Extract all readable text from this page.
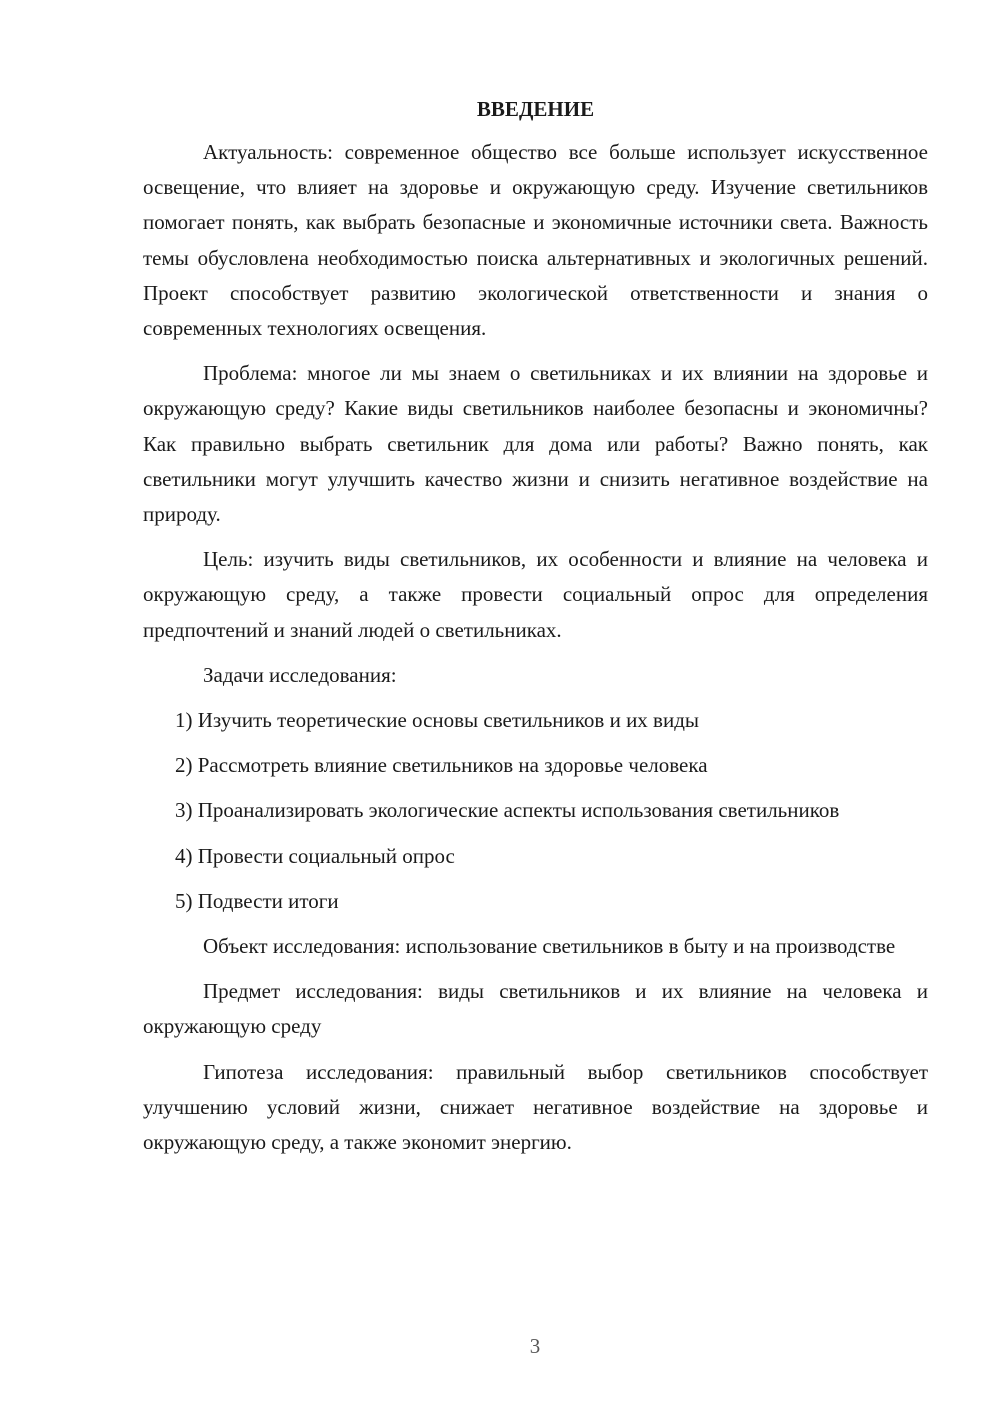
ВВЕДЕНИЕ

Актуальность: современное общество все больше использует искусственное освещение, что влияет на здоровье и окружающую среду. Изучение светильников помогает понять, как выбрать безопасные и экономичные источники света. Важность темы обусловлена необходимостью поиска альтернативных и экологичных решений. Проект способствует развитию экологической ответственности и знания о современных технологиях освещения.

Проблема: многое ли мы знаем о светильниках и их влиянии на здоровье и окружающую среду? Какие виды светильников наиболее безопасны и экономичны? Как правильно выбрать светильник для дома или работы? Важно понять, как светильники могут улучшить качество жизни и снизить негативное воздействие на природу.

Цель: изучить виды светильников, их особенности и влияние на человека и окружающую среду, а также провести социальный опрос для определения предпочтений и знаний людей о светильниках.

Задачи исследования:

1) Изучить теоретические основы светильников и их виды

2) Рассмотреть влияние светильников на здоровье человека

3) Проанализировать экологические аспекты использования светильников

4) Провести социальный опрос

5) Подвести итоги

Объект исследования: использование светильников в быту и на производстве

Предмет исследования: виды светильников и их влияние на человека и окружающую среду

Гипотеза исследования: правильный выбор светильников способствует улучшению условий жизни, снижает негативное воздействие на здоровье и окружающую среду, а также экономит энергию.

3
